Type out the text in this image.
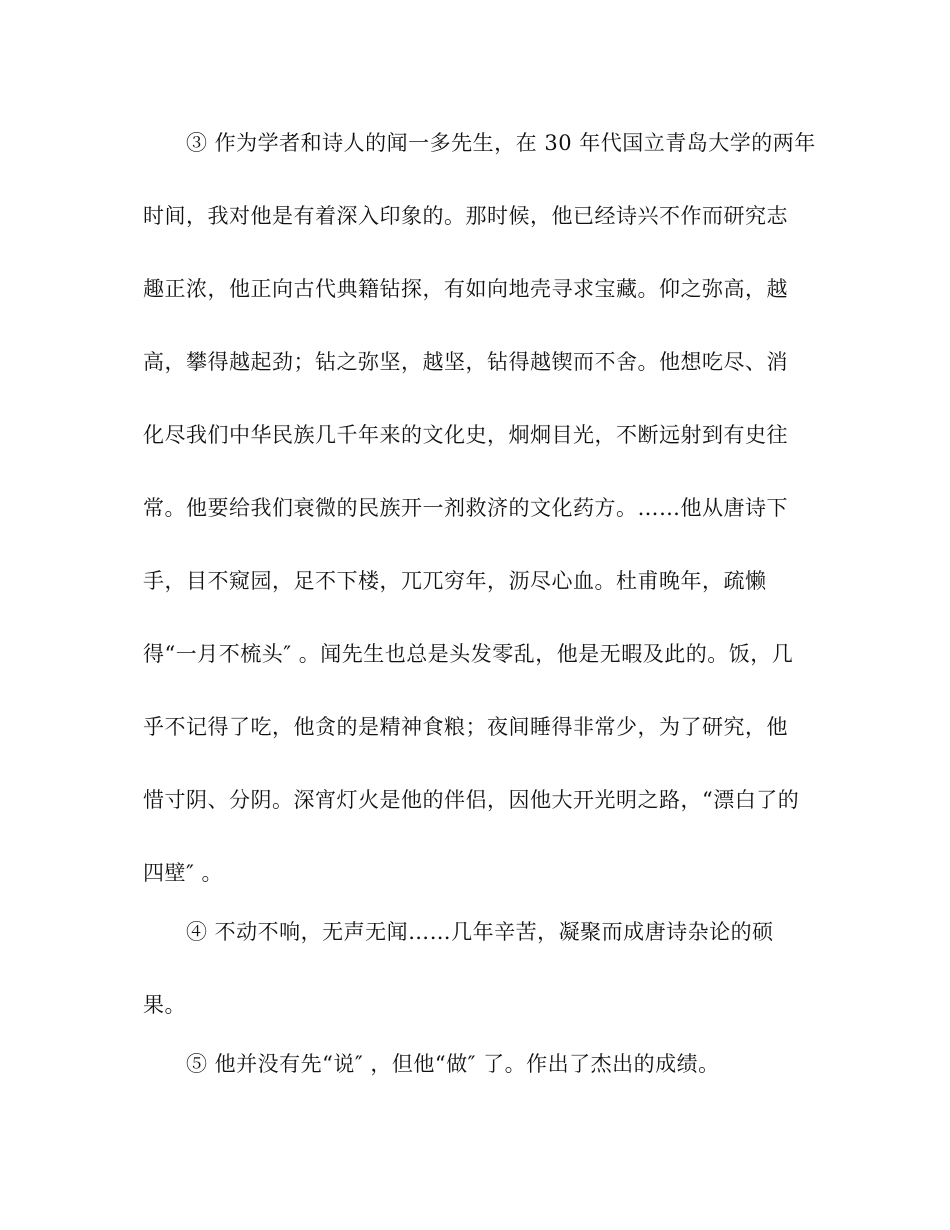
③ 作为学者和诗人的闻一多先生，在 30 年代国立青岛大学的两年
时间，我对他是有着深入印象的。那时候，他已经诗兴不作而研究志
趣正浓，他正向古代典籍钻探，有如向地壳寻求宝藏。仰之弥高，越
高，攀得越起劲；钻之弥坚，越坚，钻得越锲而不舍。他想吃尽、消
化尽我们中华民族几千年来的文化史，炯炯目光，不断远射到有史往
常。他要给我们衰微的民族开一剂救济的文化药方。……他从唐诗下
手，目不窥园，足不下楼，兀兀穷年，沥尽心血。杜甫晚年，疏懒
得“一月不梳头″ 。闻先生也总是头发零乱，他是无暇及此的。饭，几
乎不记得了吃，他贪的是精神食粮；夜间睡得非常少，为了研究，他
惜寸阴、分阴。深宵灯火是他的伴侣，因他大开光明之路，“漂白了的
四壁″ 。
④ 不动不响，无声无闻……几年辛苦，凝聚而成唐诗杂论的硕
果。
⑤ 他并没有先“说″ ，但他“做″ 了。作出了杰出的成绩。
